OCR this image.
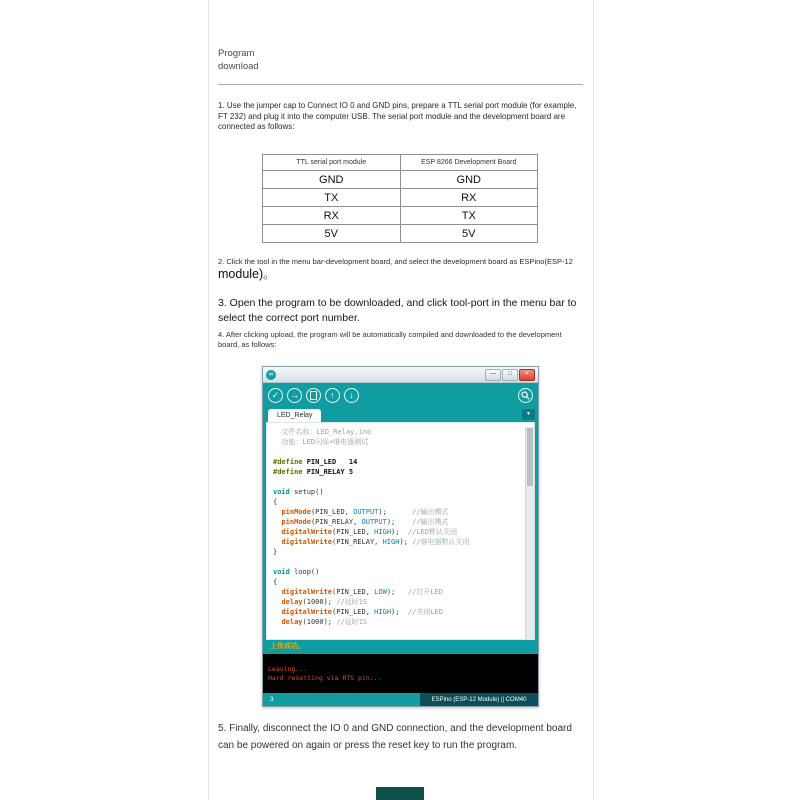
Program
download
1. Use the jumper cap to Connect IO 0 and GND pins, prepare a TTL serial port module (for example, FT 232) and plug it into the computer USB. The serial port module and the development board are connected as follows:
TTL serial port module	ESP 8266 Development Board
GND	GND
TX	RX
RX	TX
5V	5V
2. Click the tool in the menu bar-development board, and select the development board as ESPino(ESP-12
module)。
3. Open the program to be downloaded, and click tool-port in the menu bar to select the correct port number.
4. After clicking upload, the program will be automatically compiled and downloaded to the development board, as follows:
∞	—	□	×
✓	→	↑	↓
LED_Relay	▼
文件名称：LED_Relay.ino
功能：LED闪烁+继电器测试

#define PIN_LED   14
#define PIN_RELAY 5

void setup()
{
pinMode(PIN_LED, OUTPUT);      //输出模式
pinMode(PIN_RELAY, OUTPUT);    //输出模式
digitalWrite(PIN_LED, HIGH);  //LED默认关闭
digitalWrite(PIN_RELAY, HIGH); //继电器默认关闭
}

void loop()
{
digitalWrite(PIN_LED, LOW);   //打开LED
delay(1000); //延时1S
digitalWrite(PIN_LED, HIGH);  //关闭LED
delay(1000); //延时1S
上传成功。
Leaving...
Hard resetting via RTS pin...
3	ESPino (ESP-12 Module) || COM40
5. Finally, disconnect the IO 0 and GND connection, and the development board can be powered on again or press the reset key to run the program.
